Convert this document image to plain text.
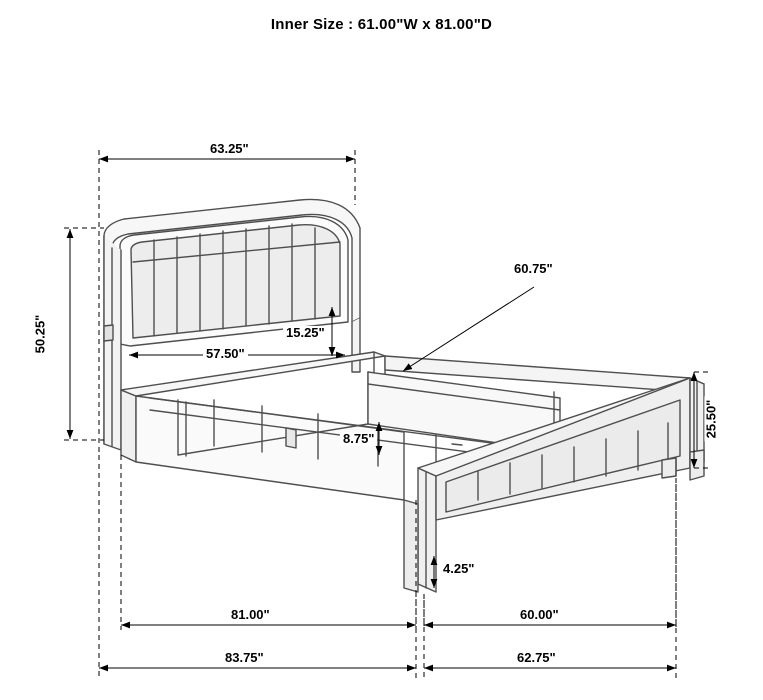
Inner Size : 61.00"W x 81.00"D
63.25"
50.25"
57.50"
15.25"
60.75"
8.75"
4.25"
25.50"
81.00"	60.00"
83.75"	62.75"
